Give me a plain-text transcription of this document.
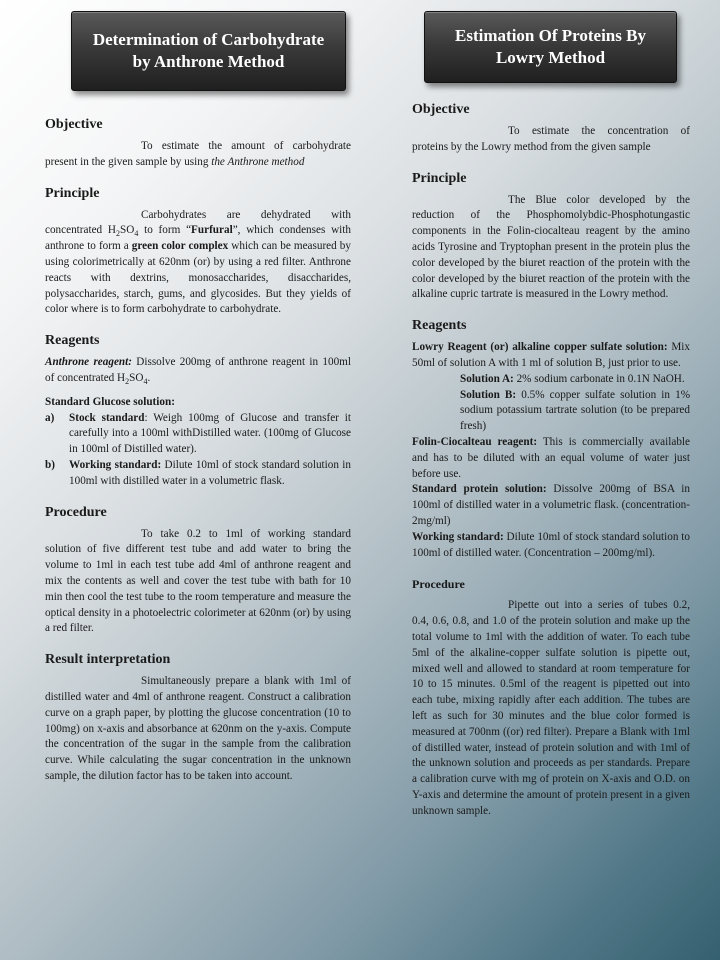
Determination of Carbohydrate by Anthrone Method
Estimation Of Proteins By Lowry Method
Objective

To estimate the amount of carbohydrate present in the given sample by using the Anthrone method

Principle

Carbohydrates are dehydrated with concentrated $H_2SO_4$ to form “Furfural”, which condenses with anthrone to form a green color complex which can be measured by using colorimetrically at 620nm (or) by using a red filter. Anthrone reacts with dextrins, monosaccharides, disaccharides, polysaccharides, starch, gums, and glycosides. But they yields of color where is to form carbohydrate to carbohydrate.

Reagents

Anthrone reagent: Dissolve 200mg of anthrone reagent in 100ml of concentrated $H_2SO_4$.

Standard Glucose solution:

a) Stock standard: Weigh 100mg of Glucose and transfer it carefully into a 100ml withDistilled water. (100mg of Glucose in 100ml of Distilled water).
b) Working standard: Dilute 10ml of stock standard solution in 100ml with distilled water in a volumetric flask.
Procedure

To take 0.2 to 1ml of working standard solution of five different test tube and add water to bring the volume to 1ml in each test tube add 4ml of anthrone reagent and mix the contents as well and cover the test tube with bath for 10 min then cool the test tube to the room temperature and measure the optical density in a photoelectric colorimeter at 620nm (or) by using a red filter.

Result interpretation

Simultaneously prepare a blank with 1ml of distilled water and 4ml of anthrone reagent. Construct a calibration curve on a graph paper, by plotting the glucose concentration (10 to 100mg) on x-axis and absorbance at 620nm on the y-axis. Compute the concentration of the sugar in the sample from the calibration curve. While calculating the sugar concentration in the unknown sample, the dilution factor has to be taken into account.

Objective

To estimate the concentration of proteins by the Lowry method from the given sample

Principle

The Blue color developed by the reduction of the Phosphomolybdic-Phosphotungastic components in the Folin-ciocalteau reagent by the amino acids Tyrosine and Tryptophan present in the protein plus the color developed by the biuret reaction of the protein with the color developed by the biuret reaction of the protein with the alkaline cupric tartrate is measured in the Lowry method.

Reagents

Lowry Reagent (or) alkaline copper sulfate solution: Mix 50ml of solution A with 1 ml of solution B, just prior to use.

Solution A: 2% sodium carbonate in 0.1N NaOH.

Solution B: 0.5% copper sulfate solution in 1% sodium potassium tartrate solution (to be prepared fresh)

Folin-Ciocalteau reagent: This is commercially available and has to be diluted with an equal volume of water just before use.

Standard protein solution: Dissolve 200mg of BSA in 100ml of distilled water in a volumetric flask. (concentration-2mg/ml)

Working standard: Dilute 10ml of stock standard solution to 100ml of distilled water. (Concentration – 200mg/ml).

Procedure

Pipette out into a series of tubes 0.2, 0.4, 0.6, 0.8, and 1.0 of the protein solution and make up the total volume to 1ml with the addition of water. To each tube 5ml of the alkaline-copper sulfate solution is pipette out, mixed well and allowed to standard at room temperature for 10 to 15 minutes. 0.5ml of the reagent is pipetted out into each tube, mixing rapidly after each addition. The tubes are left as such for 30 minutes and the blue color formed is measured at 700nm ((or) red filter). Prepare a Blank with 1ml of distilled water, instead of protein solution and with 1ml of the unknown solution and proceeds as per standards. Prepare a calibration curve with mg of protein on X-axis and O.D. on Y-axis and determine the amount of protein present in a given unknown sample.
